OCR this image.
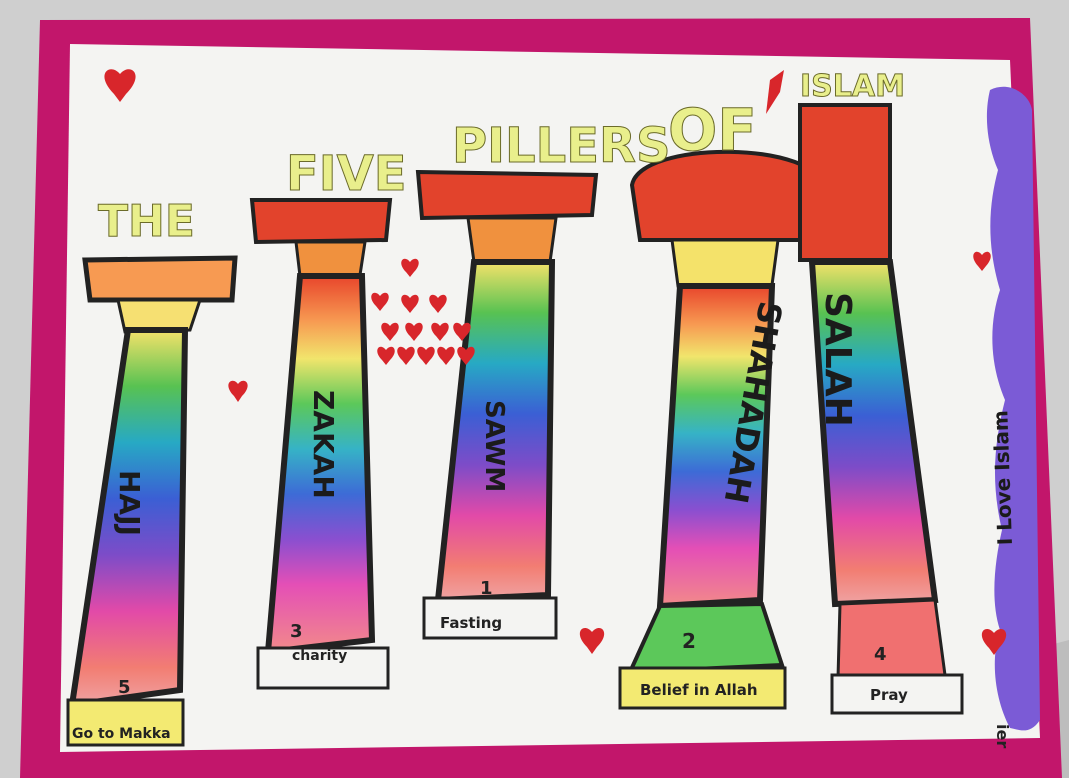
THE
FIVE PILLERS
OF
ISLAM
HAJJ
ZAKAH	SAWM	SHAHADAH SALAH
5
3
1
2
4
Go to Makka
charity
Fasting
Belief in Allah	Pray
I Love Islam
ier
